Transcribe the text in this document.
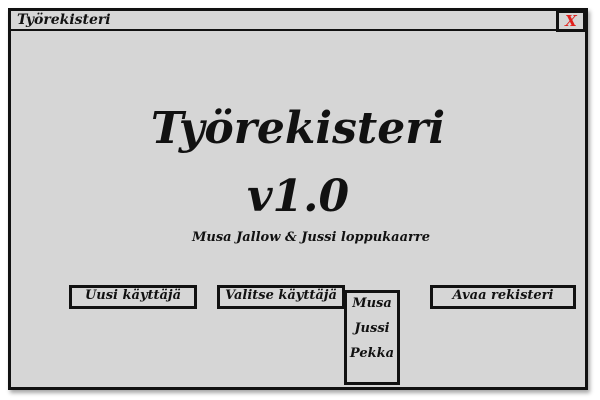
Työrekisteri	X
Työrekisteri
v1.0
Musa Jallow & Jussi loppukaarre
Uusi käyttäjä	Valitse käyttäjä
Musa
Jussi
Pekka
Avaa rekisteri
